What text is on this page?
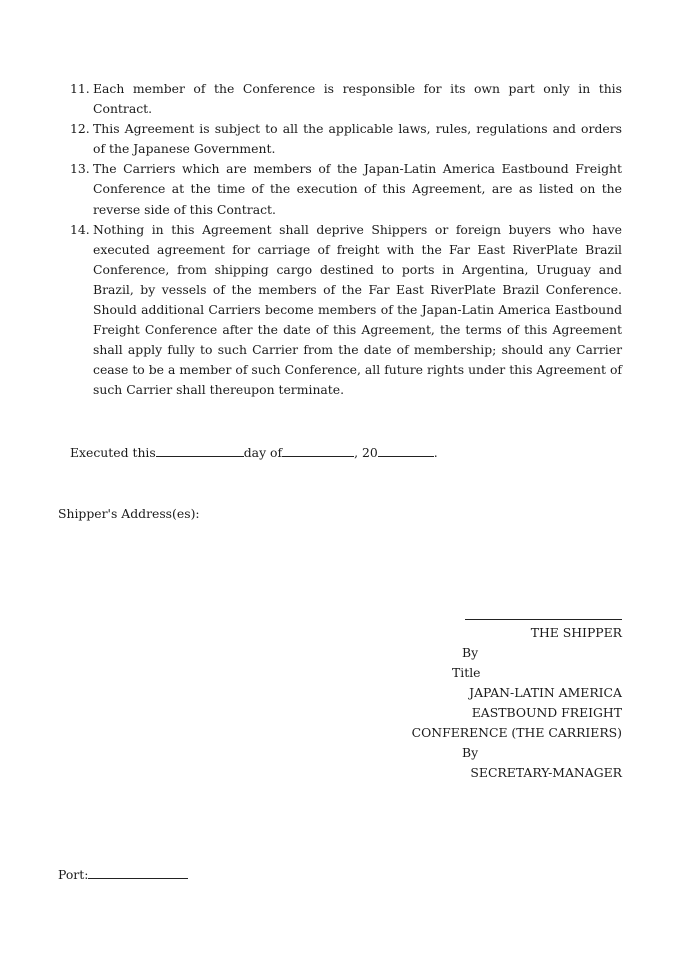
11. Each member of the Conference is responsible for its own part only in this Contract.
12. This Agreement is subject to all the applicable laws, rules, regulations and orders of the Japanese Government.
13. The Carriers which are members of the Japan-Latin America Eastbound Freight Conference at the time of the execution of this Agreement, are as listed on the reverse side of this Contract.
14. Nothing in this Agreement shall deprive Shippers or foreign buyers who have executed agreement for carriage of freight with the Far East RiverPlate Brazil Conference, from shipping cargo destined to ports in Argentina, Uruguay and Brazil, by vessels of the members of the Far East RiverPlate Brazil Conference. Should additional Carriers become members of the Japan-Latin America Eastbound Freight Conference after the date of this Agreement, the terms of this Agreement shall apply fully to such Carrier from the date of membership; should any Carrier cease to be a member of such Conference, all future rights under this Agreement of such Carrier shall thereupon terminate.
Executed this	day of	, 20	.
Shipper's Address(es):
THE SHIPPER
By
Title
JAPAN-LATIN AMERICA
EASTBOUND FREIGHT
CONFERENCE (THE CARRIERS)
By
SECRETARY-MANAGER
Port:
